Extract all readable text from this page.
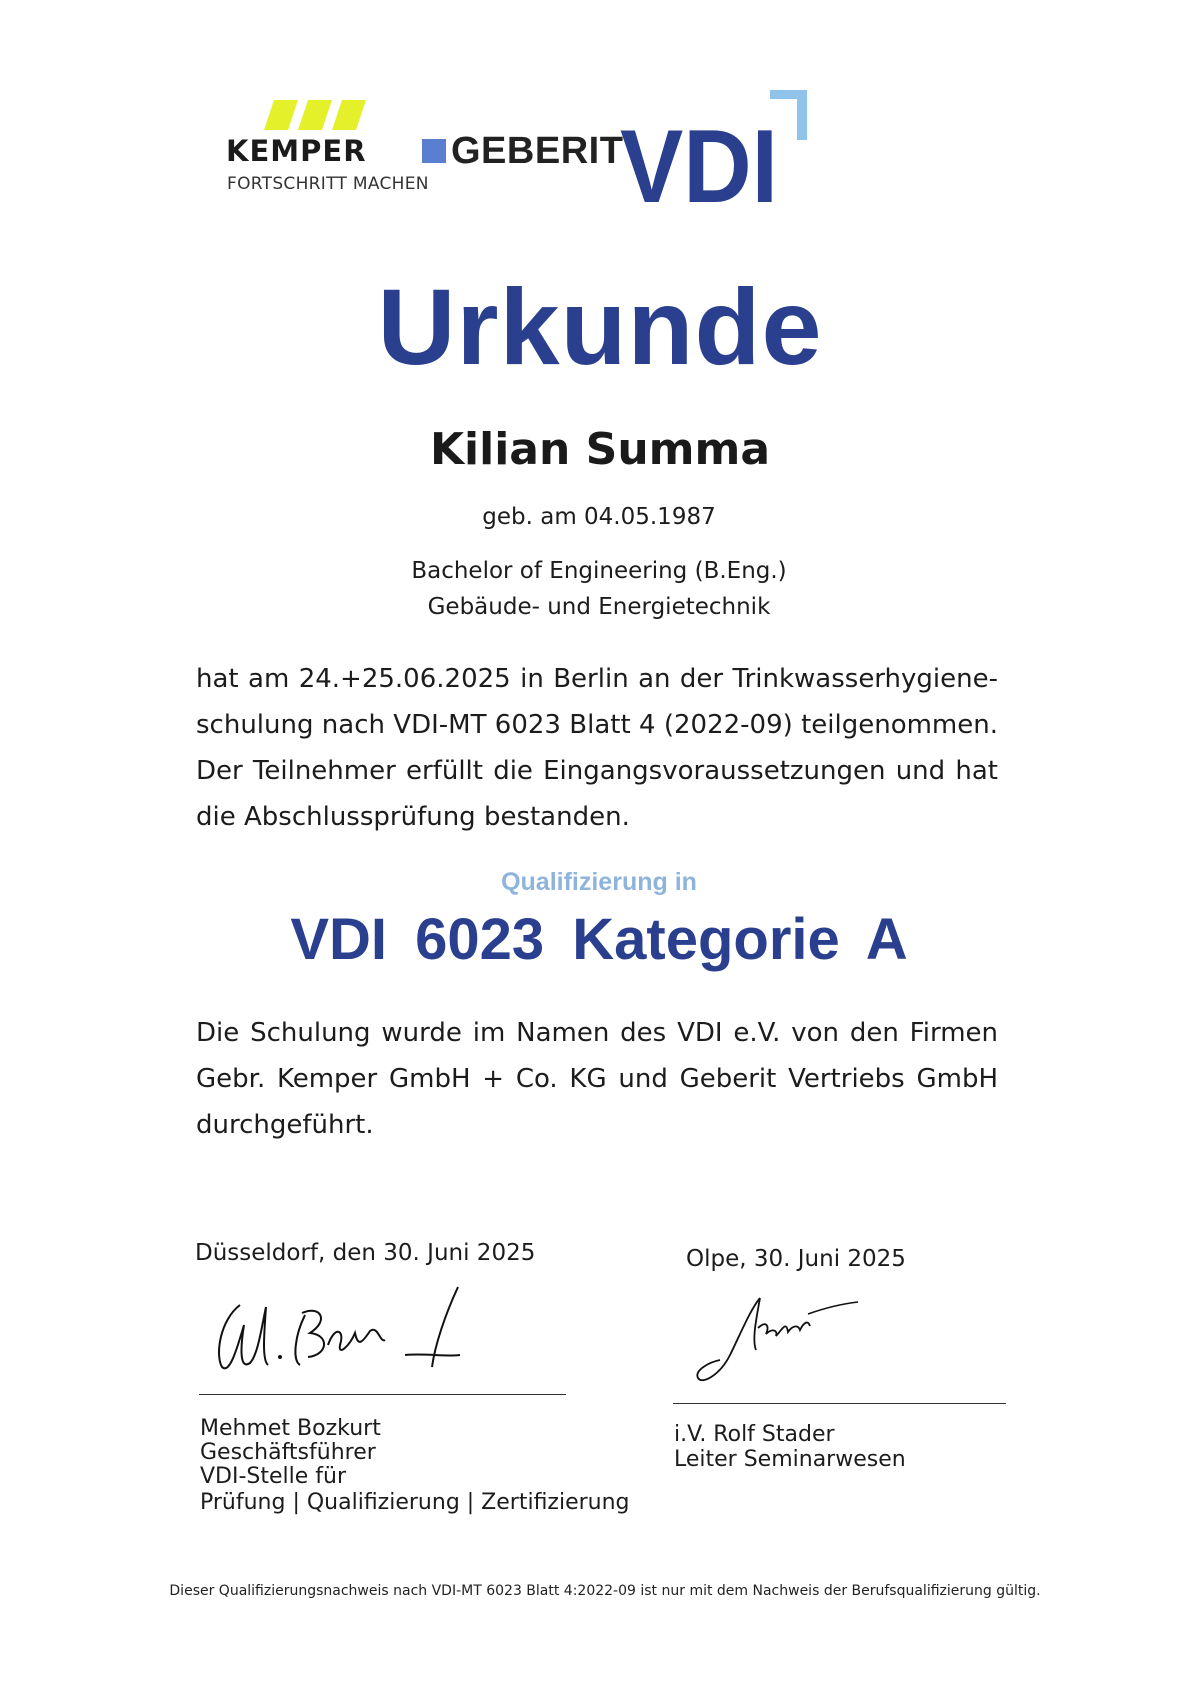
KEMPER
FORTSCHRITT MACHEN
GEBERIT
VDI
Urkunde
Kilian Summa
geb. am 04.05.1987
Bachelor of Engineering (B.Eng.)
Gebäude- und Energietechnik
hat am 24.+25.06.2025 in Berlin an der Trinkwasserhygiene-schulung nach VDI-MT 6023 Blatt 4 (2022-09) teilgenommen. Der Teilnehmer erfüllt die Eingangsvoraussetzungen und hat die Abschlussprüfung bestanden.
Qualifizierung in
VDI 6023 Kategorie A
Die Schulung wurde im Namen des VDI e.V. von den Firmen Gebr. Kemper GmbH + Co. KG und Geberit Vertriebs GmbH durchgeführt.
Düsseldorf, den 30. Juni 2025
Mehmet Bozkurt
Geschäftsführer
VDI-Stelle für
Prüfung | Qualifizierung | Zertifizierung
Olpe, 30. Juni 2025
i.V. Rolf Stader
Leiter Seminarwesen
Dieser Qualifizierungsnachweis nach VDI-MT 6023 Blatt 4:2022-09 ist nur mit dem Nachweis der Berufsqualifizierung gültig.
